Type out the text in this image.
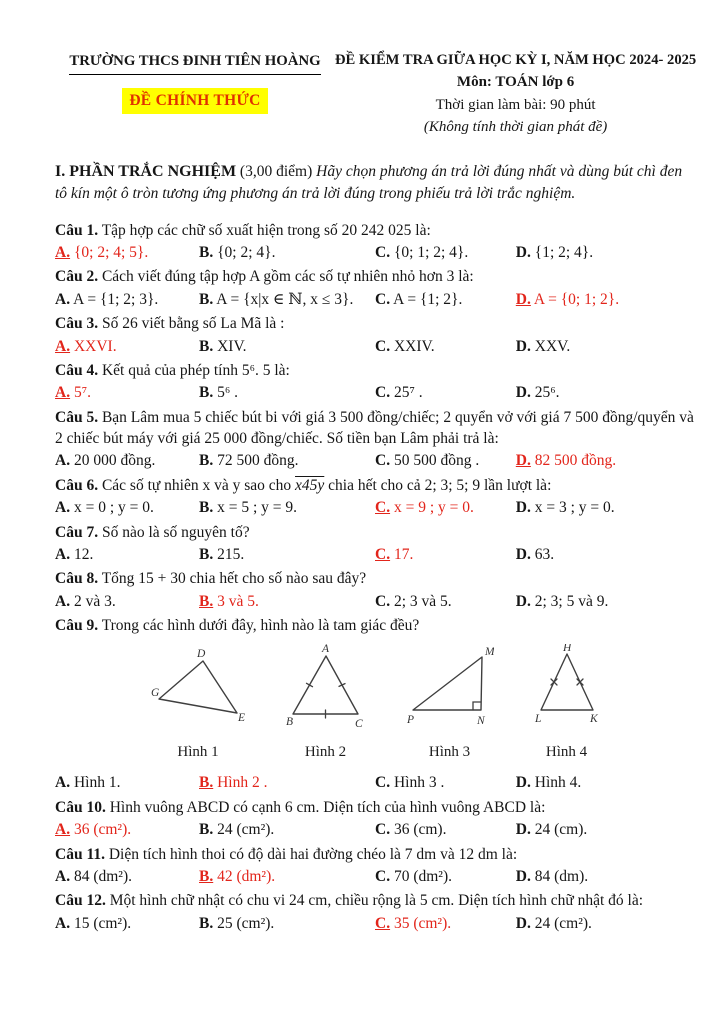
TRƯỜNG THCS ĐINH TIÊN HOÀNG
ĐỀ CHÍNH THỨC
ĐỀ KIỂM TRA GIỮA HỌC KỲ I, NĂM HỌC 2024- 2025
Môn: TOÁN lớp 6
Thời gian làm bài: 90 phút
(Không tính thời gian phát đề)

I. PHẦN TRẮC NGHIỆM (3,00 điểm) Hãy chọn phương án trả lời đúng nhất và dùng bút chì đen tô kín một ô tròn tương ứng phương án trả lời đúng trong phiếu trả lời trắc nghiệm.

Câu 1. Tập hợp các chữ số xuất hiện trong số 20 242 025 là:

A. {0; 2; 4; 5}.	B. {0; 2; 4}.	C. {0; 1; 2; 4}.	D. {1; 2; 4}.

Câu 2. Cách viết đúng tập hợp A gồm các số tự nhiên nhỏ hơn 3 là:

A. A = {1; 2; 3}.	B. A = {x|x ∈ ℕ, x ≤ 3}.	C. A = {1; 2}.	D. A = {0; 1; 2}.

Câu 3. Số 26 viết bằng số La Mã là :

A. XXVI.	B. XIV.	C. XXIV.	D. XXV.

Câu 4. Kết quả của phép tính 5⁶. 5 là:

A. 5⁷.	B. 5⁶ .	C. 25⁷ .	D. 25⁶.

Câu 5. Bạn Lâm mua 5 chiếc bút bi với giá 3 500 đồng/chiếc; 2 quyển vở với giá 7 500 đồng/quyển và 2 chiếc bút máy với giá 25 000 đồng/chiếc. Số tiền bạn Lâm phải trả là:

A. 20 000 đồng.	B. 72 500 đồng.	C. 50 500 đồng .	D. 82 500 đồng.

Câu 6. Các số tự nhiên x và y sao cho x45y chia hết cho cả 2; 3; 5; 9 lần lượt là:

A. x = 0 ; y = 0.	B. x = 5 ; y = 9.	C. x = 9 ; y = 0.	D. x = 3 ; y = 0.

Câu 7. Số nào là số nguyên tố?

A. 12.	B. 215.	C. 17.	D. 63.

Câu 8. Tổng 15 + 30 chia hết cho số nào sau đây?

A. 2 và 3.	B. 3 và 5.	C. 2; 3 và 5.	D. 2; 3; 5 và 9.

Câu 9. Trong các hình dưới đây, hình nào là tam giác đều?

D
G
E
Hình 1
A
B	C
Hình 2
M
P	N
Hình 3
H
L	K
Hình 4
A. Hình 1.	B. Hình 2 .	C. Hình 3 .	D. Hình 4.

Câu 10. Hình vuông ABCD có cạnh 6 cm. Diện tích của hình vuông ABCD là:

A. 36 (cm²).	B. 24 (cm²).	C. 36 (cm).	D. 24 (cm).

Câu 11. Diện tích hình thoi có độ dài hai đường chéo là 7 dm và 12 dm là:

A. 84 (dm²).	B. 42 (dm²).	C. 70 (dm²).	D. 84 (dm).

Câu 12. Một hình chữ nhật có chu vi 24 cm, chiều rộng là 5 cm. Diện tích hình chữ nhật đó là:

A. 15 (cm²).	B. 25 (cm²).	C. 35 (cm²).	D. 24 (cm²).
